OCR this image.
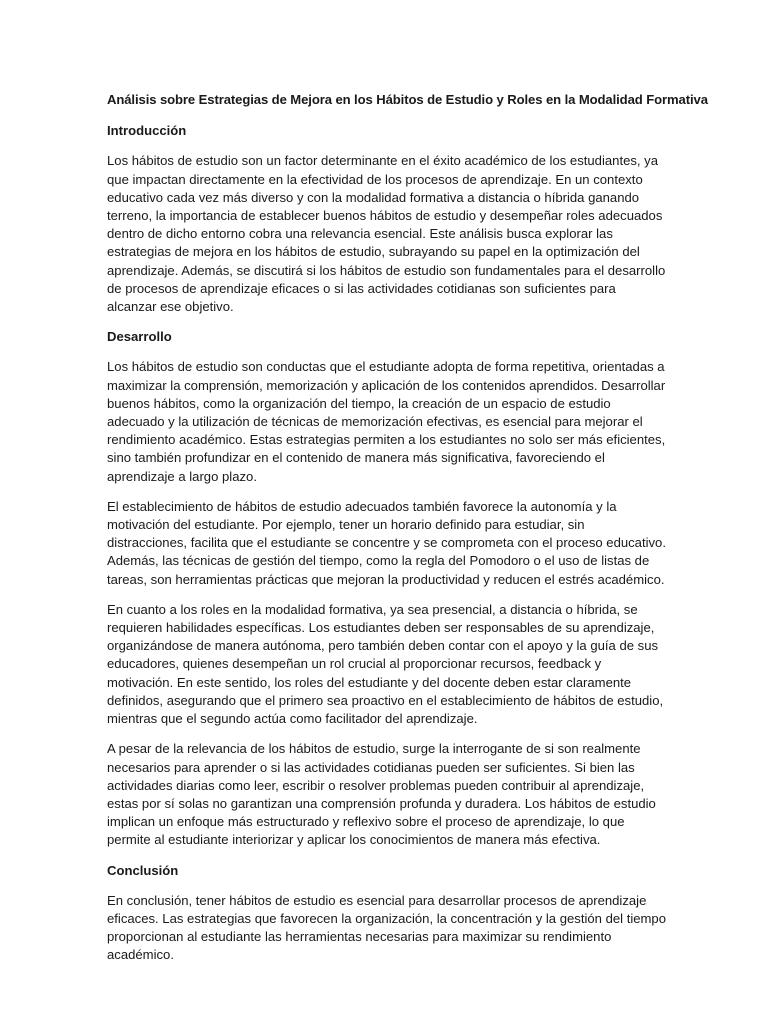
Análisis sobre Estrategias de Mejora en los Hábitos de Estudio y Roles en la Modalidad Formativa
Introducción

Los hábitos de estudio son un factor determinante en el éxito académico de los estudiantes, ya que impactan directamente en la efectividad de los procesos de aprendizaje. En un contexto educativo cada vez más diverso y con la modalidad formativa a distancia o híbrida ganando terreno, la importancia de establecer buenos hábitos de estudio y desempeñar roles adecuados dentro de dicho entorno cobra una relevancia esencial. Este análisis busca explorar las estrategias de mejora en los hábitos de estudio, subrayando su papel en la optimización del aprendizaje. Además, se discutirá si los hábitos de estudio son fundamentales para el desarrollo de procesos de aprendizaje eficaces o si las actividades cotidianas son suficientes para alcanzar ese objetivo.

Desarrollo

Los hábitos de estudio son conductas que el estudiante adopta de forma repetitiva, orientadas a maximizar la comprensión, memorización y aplicación de los contenidos aprendidos. Desarrollar buenos hábitos, como la organización del tiempo, la creación de un espacio de estudio adecuado y la utilización de técnicas de memorización efectivas, es esencial para mejorar el rendimiento académico. Estas estrategias permiten a los estudiantes no solo ser más eficientes, sino también profundizar en el contenido de manera más significativa, favoreciendo el aprendizaje a largo plazo.

El establecimiento de hábitos de estudio adecuados también favorece la autonomía y la motivación del estudiante. Por ejemplo, tener un horario definido para estudiar, sin distracciones, facilita que el estudiante se concentre y se comprometa con el proceso educativo. Además, las técnicas de gestión del tiempo, como la regla del Pomodoro o el uso de listas de tareas, son herramientas prácticas que mejoran la productividad y reducen el estrés académico.

En cuanto a los roles en la modalidad formativa, ya sea presencial, a distancia o híbrida, se requieren habilidades específicas. Los estudiantes deben ser responsables de su aprendizaje, organizándose de manera autónoma, pero también deben contar con el apoyo y la guía de sus educadores, quienes desempeñan un rol crucial al proporcionar recursos, feedback y motivación. En este sentido, los roles del estudiante y del docente deben estar claramente definidos, asegurando que el primero sea proactivo en el establecimiento de hábitos de estudio, mientras que el segundo actúa como facilitador del aprendizaje.

A pesar de la relevancia de los hábitos de estudio, surge la interrogante de si son realmente necesarios para aprender o si las actividades cotidianas pueden ser suficientes. Si bien las actividades diarias como leer, escribir o resolver problemas pueden contribuir al aprendizaje, estas por sí solas no garantizan una comprensión profunda y duradera. Los hábitos de estudio implican un enfoque más estructurado y reflexivo sobre el proceso de aprendizaje, lo que permite al estudiante interiorizar y aplicar los conocimientos de manera más efectiva.

Conclusión

En conclusión, tener hábitos de estudio es esencial para desarrollar procesos de aprendizaje eficaces. Las estrategias que favorecen la organización, la concentración y la gestión del tiempo proporcionan al estudiante las herramientas necesarias para maximizar su rendimiento académico.
